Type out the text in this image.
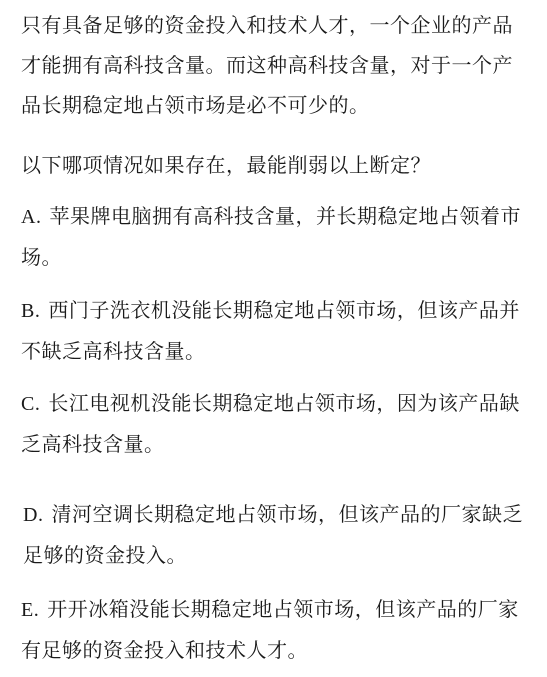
只有具备足够的资金投入和技术人才，一个企业的产品才能拥有高科技含量。而这种高科技含量，对于一个产品长期稳定地占领市场是必不可少的。
以下哪项情况如果存在，最能削弱以上断定？
A. 苹果牌电脑拥有高科技含量，并长期稳定地占领着市场。
B. 西门子洗衣机没能长期稳定地占领市场，但该产品并不缺乏高科技含量。
C. 长江电视机没能长期稳定地占领市场，因为该产品缺乏高科技含量。
D. 清河空调长期稳定地占领市场，但该产品的厂家缺乏足够的资金投入。
E. 开开冰箱没能长期稳定地占领市场，但该产品的厂家有足够的资金投入和技术人才。
